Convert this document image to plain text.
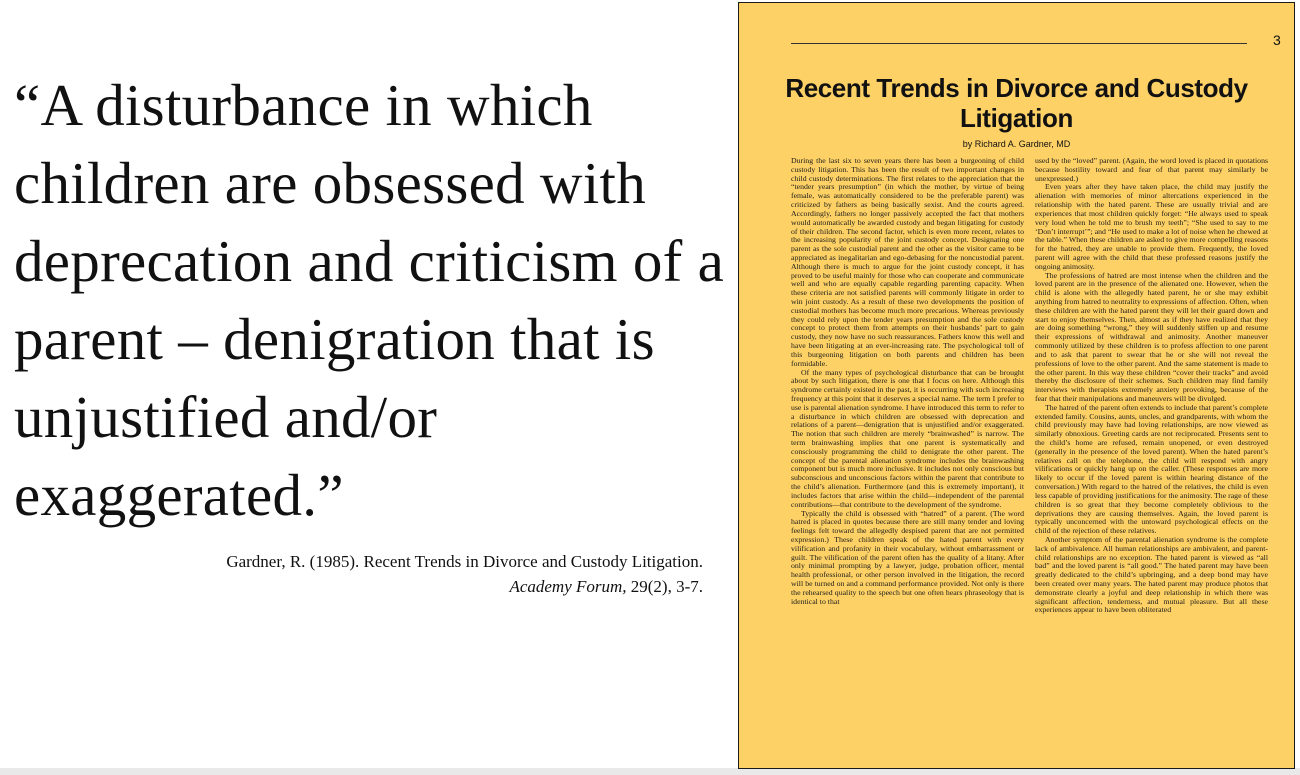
“A disturbance in which children are obsessed with deprecation and criticism of a parent – denigration that is unjustified and/or exaggerated.”
Gardner, R. (1985). Recent Trends in Divorce and Custody Litigation.
Academy Forum, 29(2), 3-7.
3
Recent Trends in Divorce and Custody Litigation
by Richard A. Gardner, MD

During the last six to seven years there has been a burgeoning of child custody litigation. This has been the result of two important changes in child custody determinations. The first relates to the appreciation that the “tender years presumption” (in which the mother, by virtue of being female, was automatically considered to be the preferable parent) was criticized by fathers as being basically sexist. And the courts agreed. Accordingly, fathers no longer passively accepted the fact that mothers would automatically be awarded custody and began litigating for custody of their children. The second factor, which is even more recent, relates to the increasing popularity of the joint custody concept. Designating one parent as the sole custodial parent and the other as the visitor came to be appreciated as inegalitarian and ego-debasing for the noncustodial parent. Although there is much to argue for the joint custody concept, it has proved to be useful mainly for those who can cooperate and communicate well and who are equally capable regarding parenting capacity. When these criteria are not satisfied parents will commonly litigate in order to win joint custody. As a result of these two developments the position of custodial mothers has become much more precarious. Whereas previously they could rely upon the tender years presumption and the sole custody concept to protect them from attempts on their husbands’ part to gain custody, they now have no such reassurances. Fathers know this well and have been litigating at an ever-increasing rate. The psychological toll of this burgeoning litigation on both parents and children has been formidable.

Of the many types of psychological disturbance that can be brought about by such litigation, there is one that I focus on here. Although this syndrome certainly existed in the past, it is occurring with such increasing frequency at this point that it deserves a special name. The term I prefer to use is parental alienation syndrome. I have introduced this term to refer to a disturbance in which children are obsessed with deprecation and relations of a parent—denigration that is unjustified and/or exaggerated. The notion that such children are merely “brainwashed” is narrow. The term brainwashing implies that one parent is systematically and consciously programming the child to denigrate the other parent. The concept of the parental alienation syndrome includes the brainwashing component but is much more inclusive. It includes not only conscious but subconscious and unconscious factors within the parent that contribute to the child’s alienation. Furthermore (and this is extremely important), it includes factors that arise within the child—independent of the parental contributions—that contribute to the development of the syndrome.

Typically the child is obsessed with “hatred” of a parent. (The word hatred is placed in quotes because there are still many tender and loving feelings felt toward the allegedly despised parent that are not permitted expression.) These children speak of the hated parent with every vilification and profanity in their vocabulary, without embarrassment or guilt. The vilification of the parent often has the quality of a litany. After only minimal prompting by a lawyer, judge, probation officer, mental health professional, or other person involved in the litigation, the record will be turned on and a command performance provided. Not only is there the rehearsed quality to the speech but one often hears phraseology that is identical to that

used by the “loved” parent. (Again, the word loved is placed in quotations because hostility toward and fear of that parent may similarly be unexpressed.)

Even years after they have taken place, the child may justify the alienation with memories of minor altercations experienced in the relationship with the hated parent. These are usually trivial and are experiences that most children quickly forget: “He always used to speak very loud when he told me to brush my teeth”; “She used to say to me ‘Don’t interrupt’”; and “He used to make a lot of noise when he chewed at the table.” When these children are asked to give more compelling reasons for the hatred, they are unable to provide them. Frequently, the loved parent will agree with the child that these professed reasons justify the ongoing animosity.

The professions of hatred are most intense when the children and the loved parent are in the presence of the alienated one. However, when the child is alone with the allegedly hated parent, he or she may exhibit anything from hatred to neutrality to expressions of affection. Often, when these children are with the hated parent they will let their guard down and start to enjoy themselves. Then, almost as if they have realized that they are doing something “wrong,” they will suddenly stiffen up and resume their expressions of withdrawal and animosity. Another maneuver commonly utilized by these children is to profess affection to one parent and to ask that parent to swear that he or she will not reveal the professions of love to the other parent. And the same statement is made to the other parent. In this way these children “cover their tracks” and avoid thereby the disclosure of their schemes. Such children may find family interviews with therapists extremely anxiety provoking, because of the fear that their manipulations and maneuvers will be divulged.

The hatred of the parent often extends to include that parent’s complete extended family. Cousins, aunts, uncles, and grandparents, with whom the child previously may have had loving relationships, are now viewed as similarly obnoxious. Greeting cards are not reciprocated. Presents sent to the child’s home are refused, remain unopened, or even destroyed (generally in the presence of the loved parent). When the hated parent’s relatives call on the telephone, the child will respond with angry vilifications or quickly hang up on the caller. (These responses are more likely to occur if the loved parent is within hearing distance of the conversation.) With regard to the hatred of the relatives, the child is even less capable of providing justifications for the animosity. The rage of these children is so great that they become completely oblivious to the deprivations they are causing themselves. Again, the loved parent is typically unconcerned with the untoward psychological effects on the child of the rejection of these relatives.

Another symptom of the parental alienation syndrome is the complete lack of ambivalence. All human relationships are ambivalent, and parent-child relationships are no exception. The hated parent is viewed as “all bad” and the loved parent is “all good.” The hated parent may have been greatly dedicated to the child’s upbringing, and a deep bond may have been created over many years. The hated parent may produce photos that demonstrate clearly a joyful and deep relationship in which there was significant affection, tenderness, and mutual pleasure. But all these experiences appear to have been obliterated
